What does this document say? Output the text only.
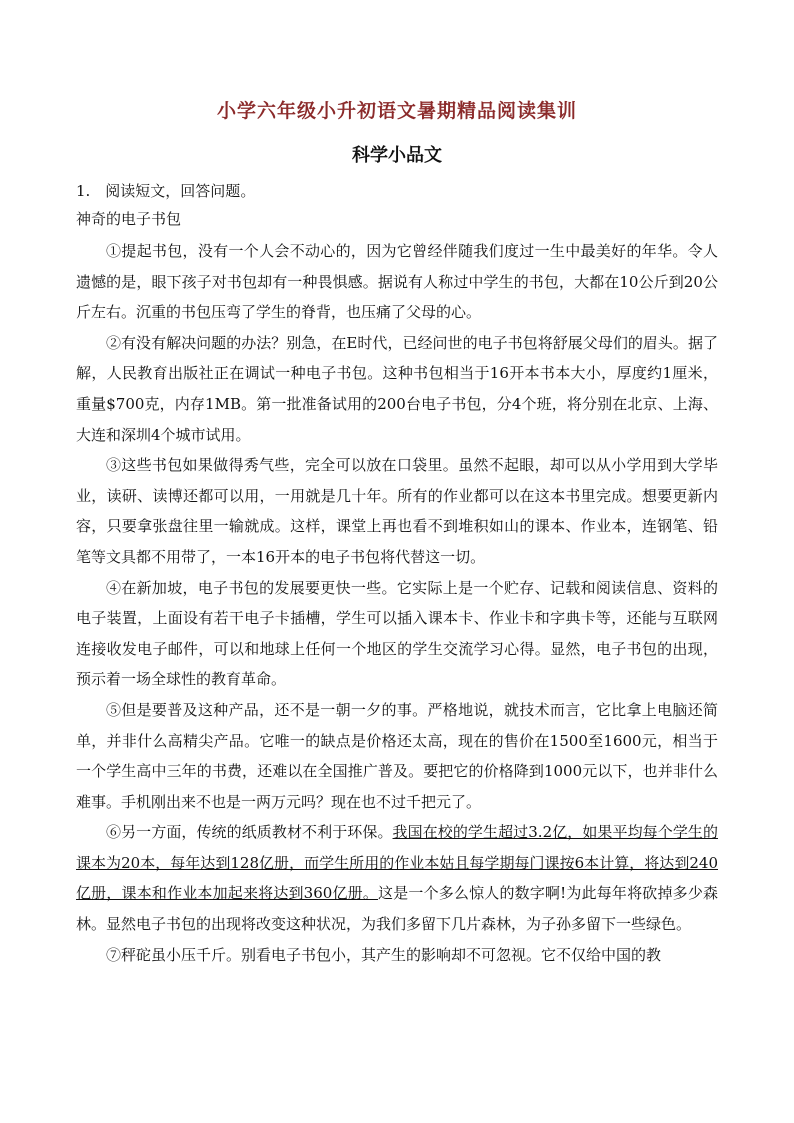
小学六年级小升初语文暑期精品阅读集训
科学小品文

1.　阅读短文，回答问题。

神奇的电子书包

①提起书包，没有一个人会不动心的，因为它曾经伴随我们度过一生中最美好的年华。令人遗憾的是，眼下孩子对书包却有一种畏惧感。据说有人称过中学生的书包，大都在10公斤到20公斤左右。沉重的书包压弯了学生的脊背，也压痛了父母的心。

②有没有解决问题的办法？别急，在E时代，已经问世的电子书包将舒展父母们的眉头。据了解，人民教育出版社正在调试一种电子书包。这种书包相当于16开本书本大小，厚度约1厘米，重量$700克，内存1MB。第一批准备试用的200台电子书包，分4个班，将分别在北京、上海、大连和深圳4个城市试用。

③这些书包如果做得秀气些，完全可以放在口袋里。虽然不起眼，却可以从小学用到大学毕业，读研、读博还都可以用，一用就是几十年。所有的作业都可以在这本书里完成。想要更新内容，只要拿张盘往里一输就成。这样，课堂上再也看不到堆积如山的课本、作业本，连钢笔、铅笔等文具都不用带了，一本16开本的电子书包将代替这一切。

④在新加坡，电子书包的发展要更快一些。它实际上是一个贮存、记载和阅读信息、资料的电子装置，上面设有若干电子卡插槽，学生可以插入课本卡、作业卡和字典卡等，还能与互联网连接收发电子邮件，可以和地球上任何一个地区的学生交流学习心得。显然，电子书包的出现，预示着一场全球性的教育革命。

⑤但是要普及这种产品，还不是一朝一夕的事。严格地说，就技术而言，它比拿上电脑还简单，并非什么高精尖产品。它唯一的缺点是价格还太高，现在的售价在1500至1600元，相当于一个学生高中三年的书费，还难以在全国推广普及。要把它的价格降到1000元以下，也并非什么难事。手机刚出来不也是一两万元吗？现在也不过千把元了。

⑥另一方面，传统的纸质教材不利于环保。我国在校的学生超过3.2亿，如果平均每个学生的课本为20本，每年达到128亿册，而学生所用的作业本姑且每学期每门课按6本计算，将达到240亿册，课本和作业本加起来将达到360亿册。这是一个多么惊人的数字啊!为此每年将砍掉多少森林。显然电子书包的出现将改变这种状况，为我们多留下几片森林，为子孙多留下一些绿色。

⑦秤砣虽小压千斤。别看电子书包小，其产生的影响却不可忽视。它不仅给中国的教
